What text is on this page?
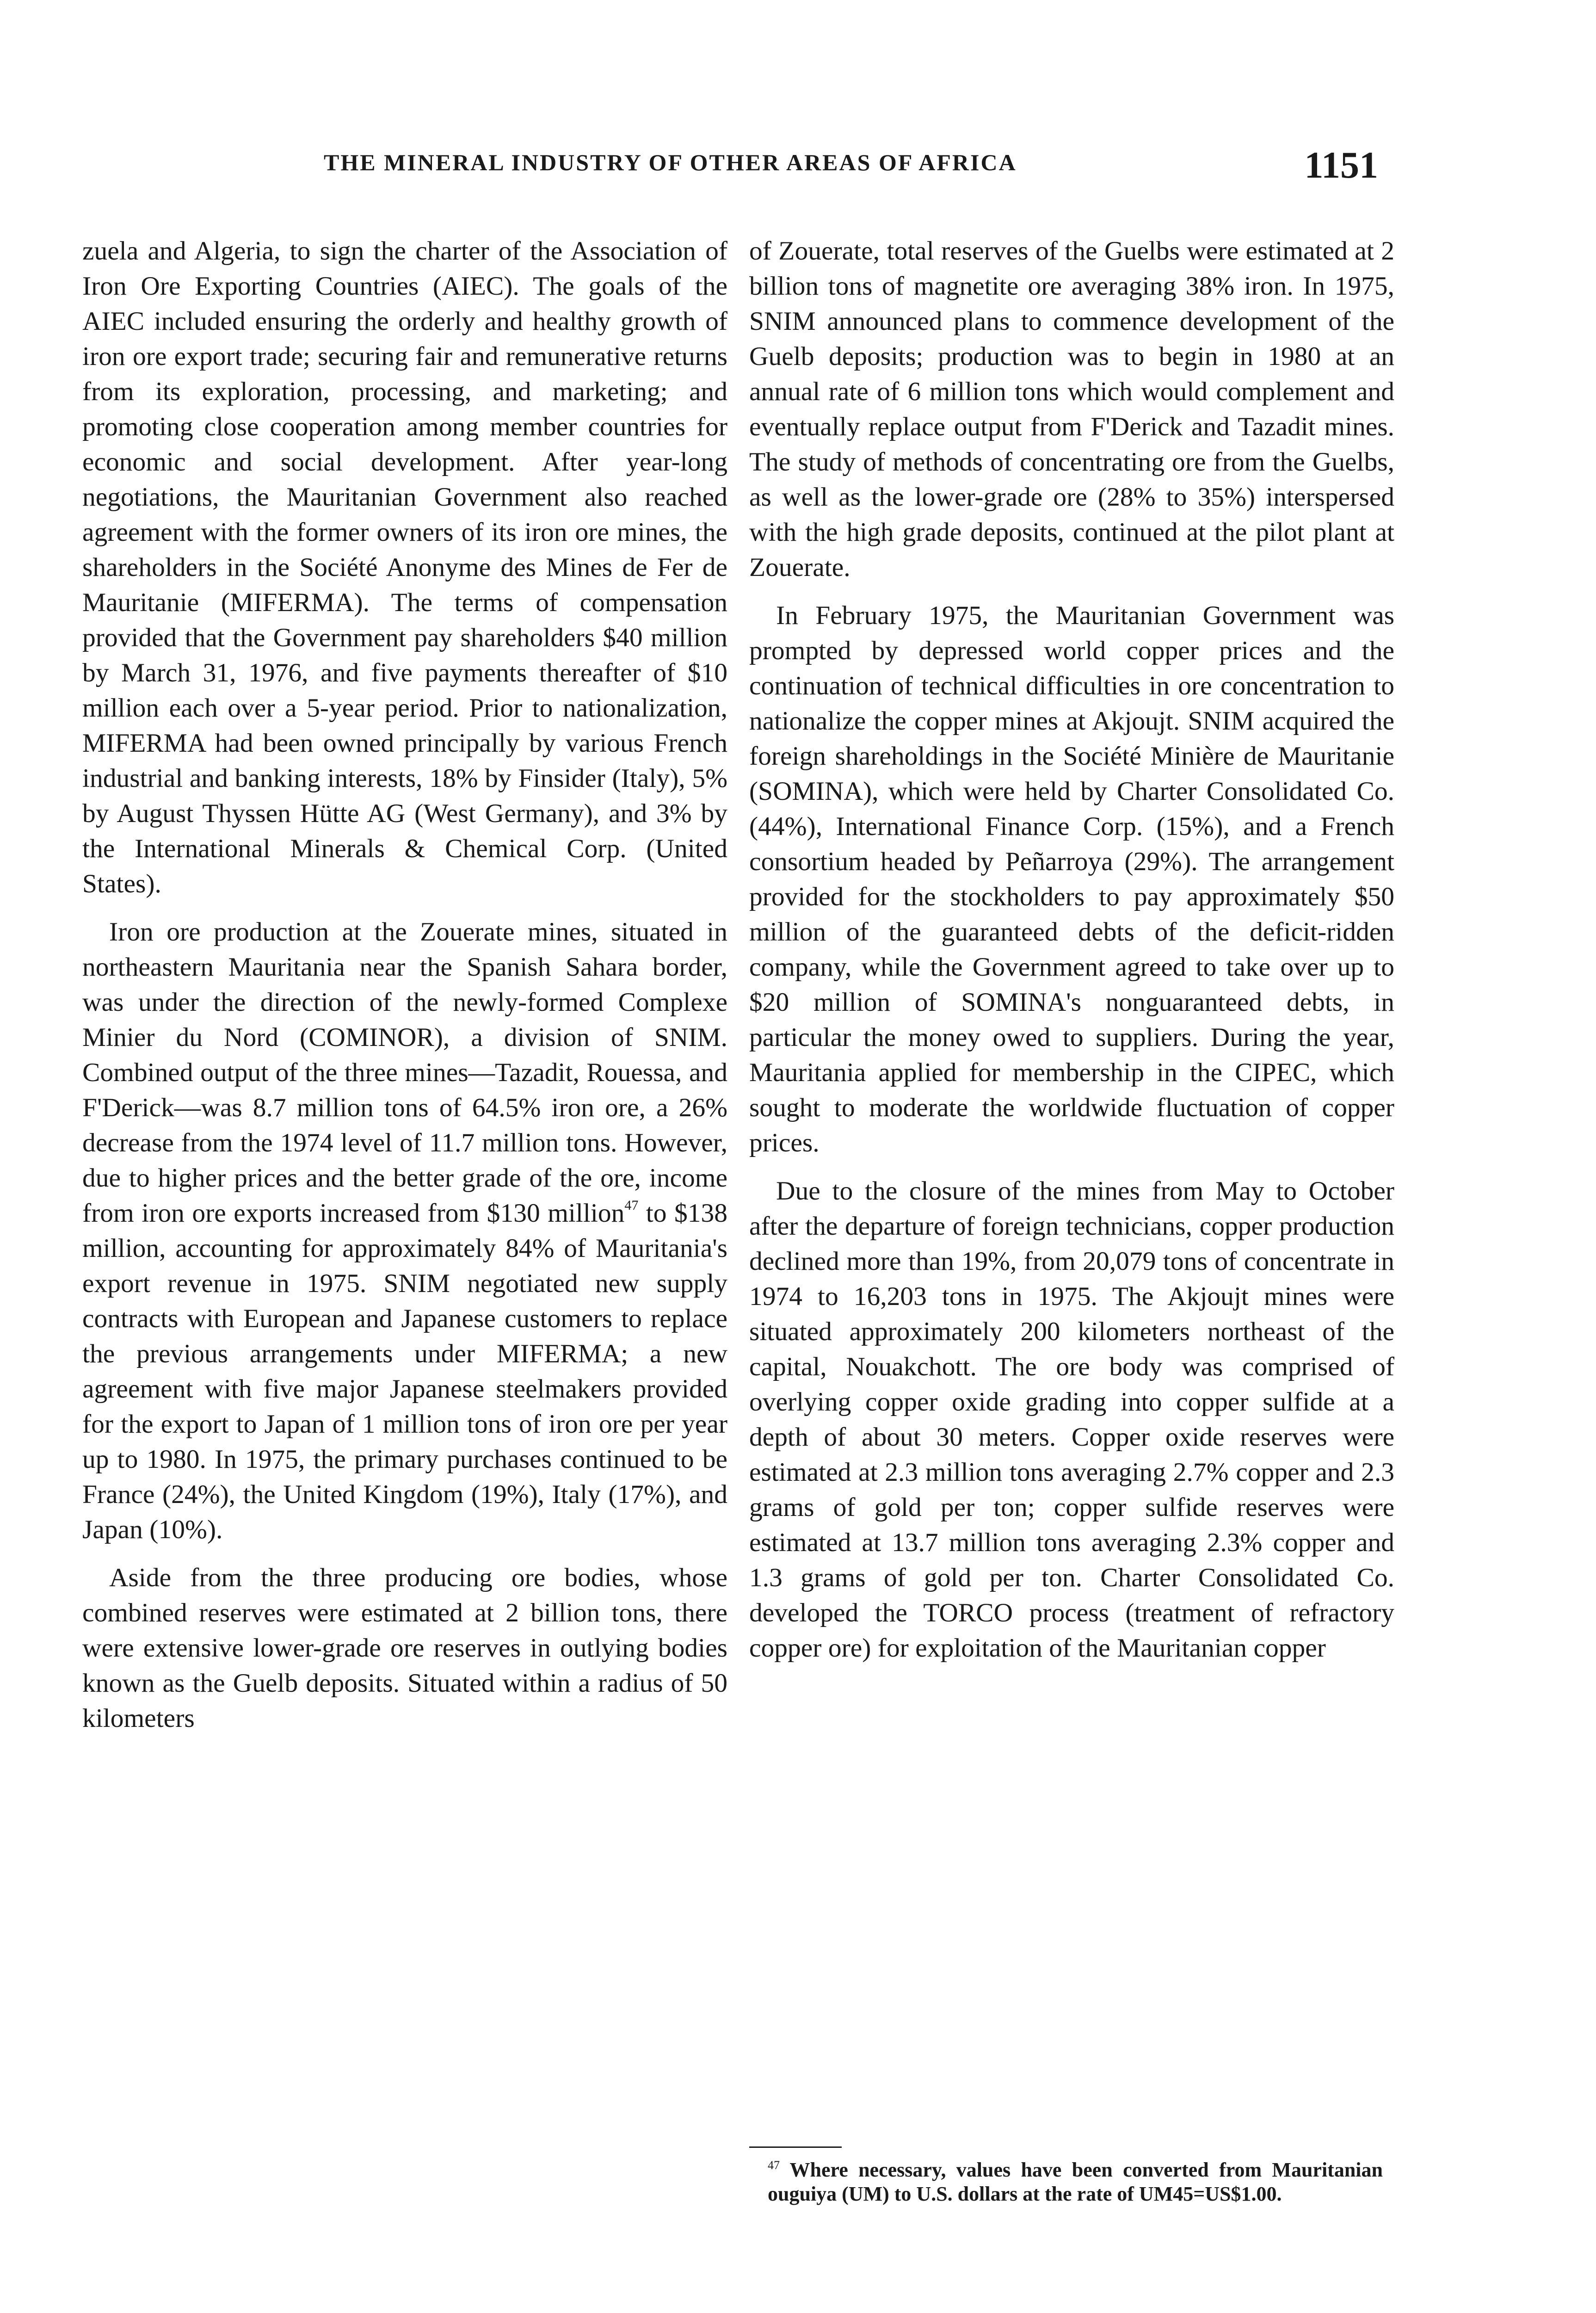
THE MINERAL INDUSTRY OF OTHER AREAS OF AFRICA	1151

zuela and Algeria, to sign the charter of the Association of Iron Ore Exporting Countries (AIEC). The goals of the AIEC included ensuring the orderly and healthy growth of iron ore export trade; securing fair and remunerative returns from its exploration, processing, and marketing; and promoting close cooperation among member countries for economic and social development. After year-long negotiations, the Mauritanian Government also reached agreement with the former owners of its iron ore mines, the shareholders in the Société Anonyme des Mines de Fer de Mauritanie (MIFERMA). The terms of compensation provided that the Government pay shareholders $40 million by March 31, 1976, and five payments thereafter of $10 million each over a 5-year period. Prior to nationalization, MIFERMA had been owned principally by various French industrial and banking interests, 18% by Finsider (Italy), 5% by August Thyssen Hütte AG (West Germany), and 3% by the International Minerals & Chemical Corp. (United States).

Iron ore production at the Zouerate mines, situated in northeastern Mauritania near the Spanish Sahara border, was under the direction of the newly-formed Complexe Minier du Nord (COMINOR), a division of SNIM. Combined output of the three mines—Tazadit, Rouessa, and F'Derick—was 8.7 million tons of 64.5% iron ore, a 26% decrease from the 1974 level of 11.7 million tons. However, due to higher prices and the better grade of the ore, income from iron ore exports increased from $130 million$^{47}$ to $138 million, accounting for approximately 84% of Mauritania's export revenue in 1975. SNIM negotiated new supply contracts with European and Japanese customers to replace the previous arrangements under MIFERMA; a new agreement with five major Japanese steelmakers provided for the export to Japan of 1 million tons of iron ore per year up to 1980. In 1975, the primary purchases continued to be France (24%), the United Kingdom (19%), Italy (17%), and Japan (10%).

Aside from the three producing ore bodies, whose combined reserves were estimated at 2 billion tons, there were extensive lower-grade ore reserves in outlying bodies known as the Guelb deposits. Situated within a radius of 50 kilometers

of Zouerate, total reserves of the Guelbs were estimated at 2 billion tons of magnetite ore averaging 38% iron. In 1975, SNIM announced plans to commence development of the Guelb deposits; production was to begin in 1980 at an annual rate of 6 million tons which would complement and eventually replace output from F'Derick and Tazadit mines. The study of methods of concentrating ore from the Guelbs, as well as the lower-grade ore (28% to 35%) interspersed with the high grade deposits, continued at the pilot plant at Zouerate.

In February 1975, the Mauritanian Government was prompted by depressed world copper prices and the continuation of technical difficulties in ore concentration to nationalize the copper mines at Akjoujt. SNIM acquired the foreign shareholdings in the Société Minière de Mauritanie (SOMINA), which were held by Charter Consolidated Co. (44%), International Finance Corp. (15%), and a French consortium headed by Peñarroya (29%). The arrangement provided for the stockholders to pay approximately $50 million of the guaranteed debts of the deficit-ridden company, while the Government agreed to take over up to $20 million of SOMINA's nonguaranteed debts, in particular the money owed to suppliers. During the year, Mauritania applied for membership in the CIPEC, which sought to moderate the worldwide fluctuation of copper prices.

Due to the closure of the mines from May to October after the departure of foreign technicians, copper production declined more than 19%, from 20,079 tons of concentrate in 1974 to 16,203 tons in 1975. The Akjoujt mines were situated approximately 200 kilometers northeast of the capital, Nouakchott. The ore body was comprised of overlying copper oxide grading into copper sulfide at a depth of about 30 meters. Copper oxide reserves were estimated at 2.3 million tons averaging 2.7% copper and 2.3 grams of gold per ton; copper sulfide reserves were estimated at 13.7 million tons averaging 2.3% copper and 1.3 grams of gold per ton. Charter Consolidated Co. developed the TORCO process (treatment of refractory copper ore) for exploitation of the Mauritanian copper

$^{47}$ Where necessary, values have been converted from Mauritanian ouguiya (UM) to U.S. dollars at the rate of UM45=US$1.00.
